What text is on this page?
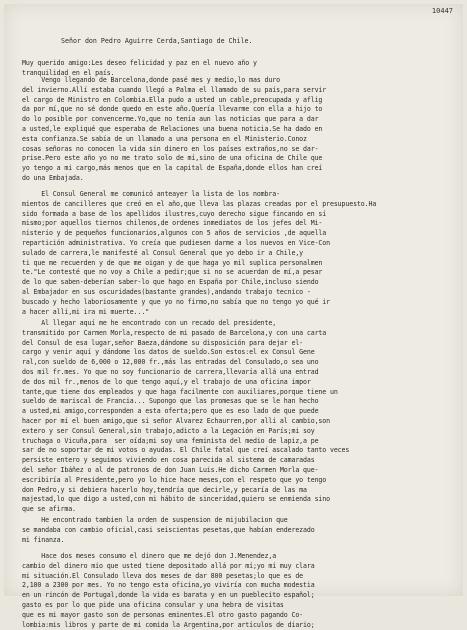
10447
Señor don Pedro Aguirre Cerda,Santiago de Chile.
Muy querido amigo:Les deseo felicidad y paz en el nuevo año y
tranquilidad en el país.
Vengo llegando de Barcelona,donde pasé mes y medio,lo mas duro
del invierno.Allí estaba cuando llegó a Palma el llamado de su país,para servir
el cargo de Ministro en Colombia.Ella pudo a usted un cable,preocupada y aflig
da por mí,que no sé donde quedo en este año.Quería llevarme con ella a hijo to
do lo posible por convencerme.Yo,que no tenía aun las noticias que para a dar
a usted,le expliqué que esperaba de Relaciones una buena noticia.Se ha dado en
esta confianza.Se sabía de un llamado a una persona en el Ministerio.Conoz
cosas señoras no conocen la vida sin dinero en los países extraños,no se dar-
prise.Pero este año yo no me trato solo de mí,sino de una oficina de Chile que
yo tengo a mi cargo,más menos que en la capital de España,donde ellos han creí
do una Embajada.
El Consul General me comunicó anteayer la lista de los nombra-
mientos de cancilleres que creó en el año,que lleva las plazas creadas por el presupuesto.Ha
sido formada a base de los apellidos ilustres,cuyo derecho sigue fincando en sí
mismo;por aquellos tiernos chilenos,de ordenes inmediatos de los jefes del Mi-
nisterio y de pequeños funcionarios,algunos con 5 años de servicios ,de aquella
repartición administrativa. Yo creía que pudiesen darme a los nuevos en Vice-Con
sulado de carrera,le manifesté al Consul General que yo debo ir a Chile,y
ti que me recuerden y de que me oigan y de que haga yo mil suplica personalmen
te."Le contesté que no voy a Chile a pedir;que si no se acuerdan de mí,a pesar
de lo que saben-deberían saber-lo que hago en España por Chile,incluso siendo
al Embajador en sus oscuridades(bastante grandes),andando trabajo tecnico -
buscado y hecho laboriosamente y que yo no firmo,no sabía que no tengo yo qué ir
a hacer allí,mi ira mi muerte..."
Al llegar aquí me he encontrado con un recado del presidente,
transmitido por Carmen Morla,respecto de mi pasado de Barcelona,y con una carta
del Consul de esa lugar,señor Baeza,dándome su disposición para dejar el-
cargo y venir aquí y dándome los datos de sueldo.Son estos:el ex Consul Gene
ral,con sueldo de 6,000 o 12,000 fr.,más las entradas del Consulado,o sea uno
dos mil fr.mes. Yo que no soy funcionario de carrera,llevaría allá una entrad
de dos mil fr.,menos de lo que tengo aquí,y el trabajo de una oficina impor
tante,que tiene dos empleados y que haga facilmente con auxiliares,porque tiene un
sueldo de mariscal de Francia... Supongo que las promesas que se le han hecho
a usted,mi amigo,corresponden a esta oferta;pero que es eso lado de que puede
hacer por mí el buen amigo,que si señor Alvarez Echaurren,por allí al cambio,son
extero y ser Consul General,sin trabajo,adicto a la Legación en París;mi soy
truchaga o Vicuña,para  ser oída;mi soy una feminista del medio de lapiz,a pe
sar de no soportar de mi votos o ayudas. El Chile fatal que creí ascalado tanto veces
persiste entero y seguimos viviendo en cosa parecida al sistema de camaradas
del señor Ibáñez o al de patronos de don Juan Luis.He dicho Carmen Morla que-
escribiría al Presidente,pero yo lo hice hace meses,con el respeto que yo tengo
don Pedro,y si debiera hacerlo hoy,tendría que decirle,y pecaría de las ma
majestad,lo que digo a usted,con mi hábito de sinceridad,quiero se enmienda sino
que se afirma.
He encontrado tambien la orden de suspension de mijubilacion que
se mandaba con cambio oficial,casi seiscientas pesetas,que habían enderezado
mi finanza.
Hace dos meses consumo el dinero que me dejó don J.Menendez,a
cambio del dinero mío que usted tiene depositado allá por mí;yo mí muy clara
mi situación.El Consulado lleva dos meses de dar 800 pesetas;lo que es de
2,100 a 2300 por mes. Yo no tengo esta oficina,yo viviría con mucha modestia
en un rincón de Portugal,donde la vida es barata y en un pueblecito español;
gasto es por lo que pide una oficina consular y una hebra de visitas
que es mi mayor gasto son de personas eminentes.El otro gasto pagando Co-
lombia:mis libros y parte de mi comida la Argentina,por artículos de diario;
